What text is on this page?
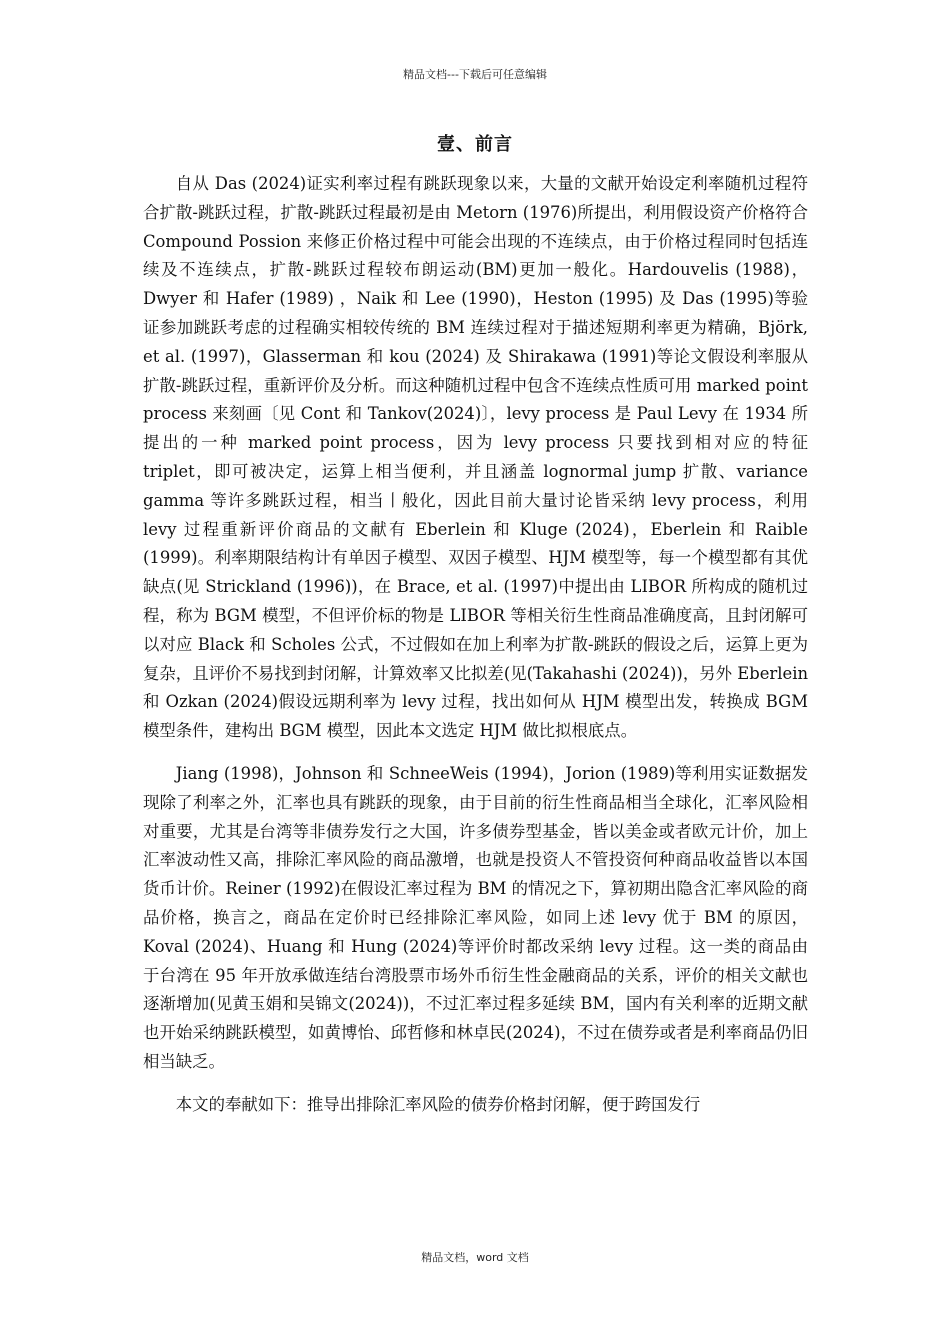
精品文档---下载后可任意编辑
壹、前言

自从 Das (2024)证实利率过程有跳跃现象以来，大量的文献开始设定利率随机过程符合扩散-跳跃过程，扩散-跳跃过程最初是由 Metorn (1976)所提出，利用假设资产价格符合 Compound Possion 来修正价格过程中可能会出现的不连续点，由于价格过程同时包括连续及不连续点，扩散-跳跃过程较布朗运动(BM)更加一般化。Hardouvelis (1988)， Dwyer 和 Hafer (1989) ，Naik 和 Lee (1990)，Heston (1995) 及 Das (1995)等验证参加跳跃考虑的过程确实相较传统的 BM 连续过程对于描述短期利率更为精确，Björk, et al. (1997)，Glasserman 和 kou (2024) 及 Shirakawa (1991)等论文假设利率服从扩散-跳跃过程，重新评价及分析。而这种随机过程中包含不连续点性质可用 marked point process 来刻画〔见 Cont 和 Tankov(2024)〕，levy process 是 Paul Levy 在 1934 所提出的一种 marked point process，因为 levy process 只要找到相对应的特征 triplet，即可被决定，运算上相当便利，并且涵盖 lognormal jump 扩散、variance gamma 等许多跳跃过程，相当丨般化，因此目前大量讨论皆采纳 levy process，利用 levy 过程重新评价商品的文献有 Eberlein 和 Kluge (2024)，Eberlein 和 Raible (1999)。利率期限结构计有单因子模型、双因子模型、HJM 模型等，每一个模型都有其优缺点(见 Strickland (1996))，在 Brace, et al. (1997)中提出由 LIBOR 所构成的随机过程，称为 BGM 模型，不但评价标的物是 LIBOR 等相关衍生性商品准确度高，且封闭解可以对应 Black 和 Scholes 公式，不过假如在加上利率为扩散-跳跃的假设之后，运算上更为复杂，且评价不易找到封闭解，计算效率又比拟差(见(Takahashi (2024))，另外 Eberlein 和 Ozkan (2024)假设远期利率为 levy 过程，找出如何从 HJM 模型出发，转换成 BGM 模型条件，建构出 BGM 模型，因此本文选定 HJM 做比拟根底点。

Jiang (1998)，Johnson 和 SchneeWeis (1994)，Jorion (1989)等利用实证数据发现除了利率之外，汇率也具有跳跃的现象，由于目前的衍生性商品相当全球化，汇率风险相对重要，尤其是台湾等非债券发行之大国，许多债券型基金，皆以美金或者欧元计价，加上汇率波动性又高，排除汇率风险的商品激增，也就是投资人不管投资何种商品收益皆以本国货币计价。Reiner (1992)在假设汇率过程为 BM 的情况之下，算初期出隐含汇率风险的商品价格，换言之，商品在定价时已经排除汇率风险，如同上述 levy 优于 BM 的原因，Koval (2024)、Huang 和 Hung (2024)等评价时都改采纳 levy 过程。这一类的商品由于台湾在 95 年开放承做连结台湾股票市场外币衍生性金融商品的关系，评价的相关文献也逐渐增加(见黄玉娟和吴锦文(2024))，不过汇率过程多延续 BM，国内有关利率的近期文献也开始采纳跳跃模型，如黄博怡、邱哲修和林卓民(2024)，不过在债券或者是利率商品仍旧相当缺乏。

本文的奉献如下：推导出排除汇率风险的债券价格封闭解，便于跨国发行

精品文档，word 文档
